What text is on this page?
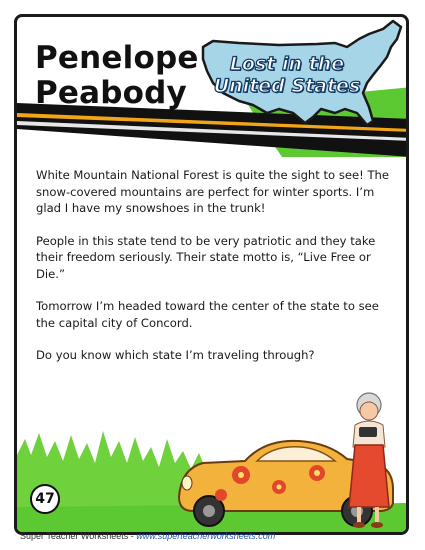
Penelope
Peabody
Lost in the
United States

White Mountain National Forest is quite the sight to see! The snow-covered mountains are perfect for winter sports. I’m glad I have my snowshoes in the trunk!

People in this state tend to be very patriotic and they take their freedom seriously. Their state motto is, “Live Free or Die.”

Tomorrow I’m headed toward the center of the state to see the capital city of Concord.

Do you know which state I’m traveling through?

47
Super Teacher Worksheets - www.superteacherworksheets.com
